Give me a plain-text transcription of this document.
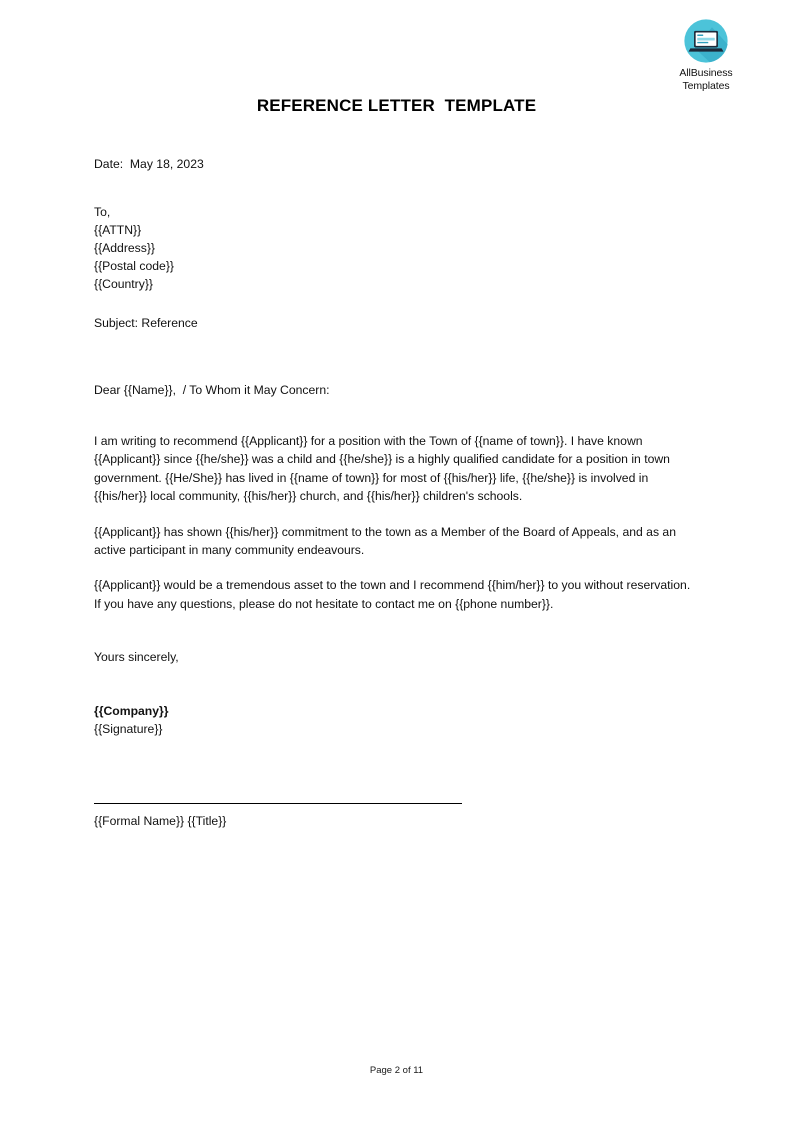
AllBusiness
Templates
REFERENCE LETTER  TEMPLATE
Date:  May 18, 2023
To,
{{ATTN}}
{{Address}}
{{Postal code}}
{{Country}}
Subject: Reference
Dear {{Name}},  / To Whom it May Concern:

I am writing to recommend {{Applicant}} for a position with the Town of {{name of town}}. I have known {{Applicant}} since {{he/she}} was a child and {{he/she}} is a highly qualified candidate for a position in town government. {{He/She}} has lived in {{name of town}} for most of {{his/her}} life, {{he/she}} is involved in {{his/her}} local community, {{his/her}} church, and {{his/her}} children's schools.

{{Applicant}} has shown {{his/her}} commitment to the town as a Member of the Board of Appeals, and as an active participant in many community endeavours.

{{Applicant}} would be a tremendous asset to the town and I recommend {{him/her}} to you without reservation. If you have any questions, please do not hesitate to contact me on {{phone number}}.

Yours sincerely,
{{Company}}
{{Signature}}
{{Formal Name}} {{Title}}
Page 2 of 11
